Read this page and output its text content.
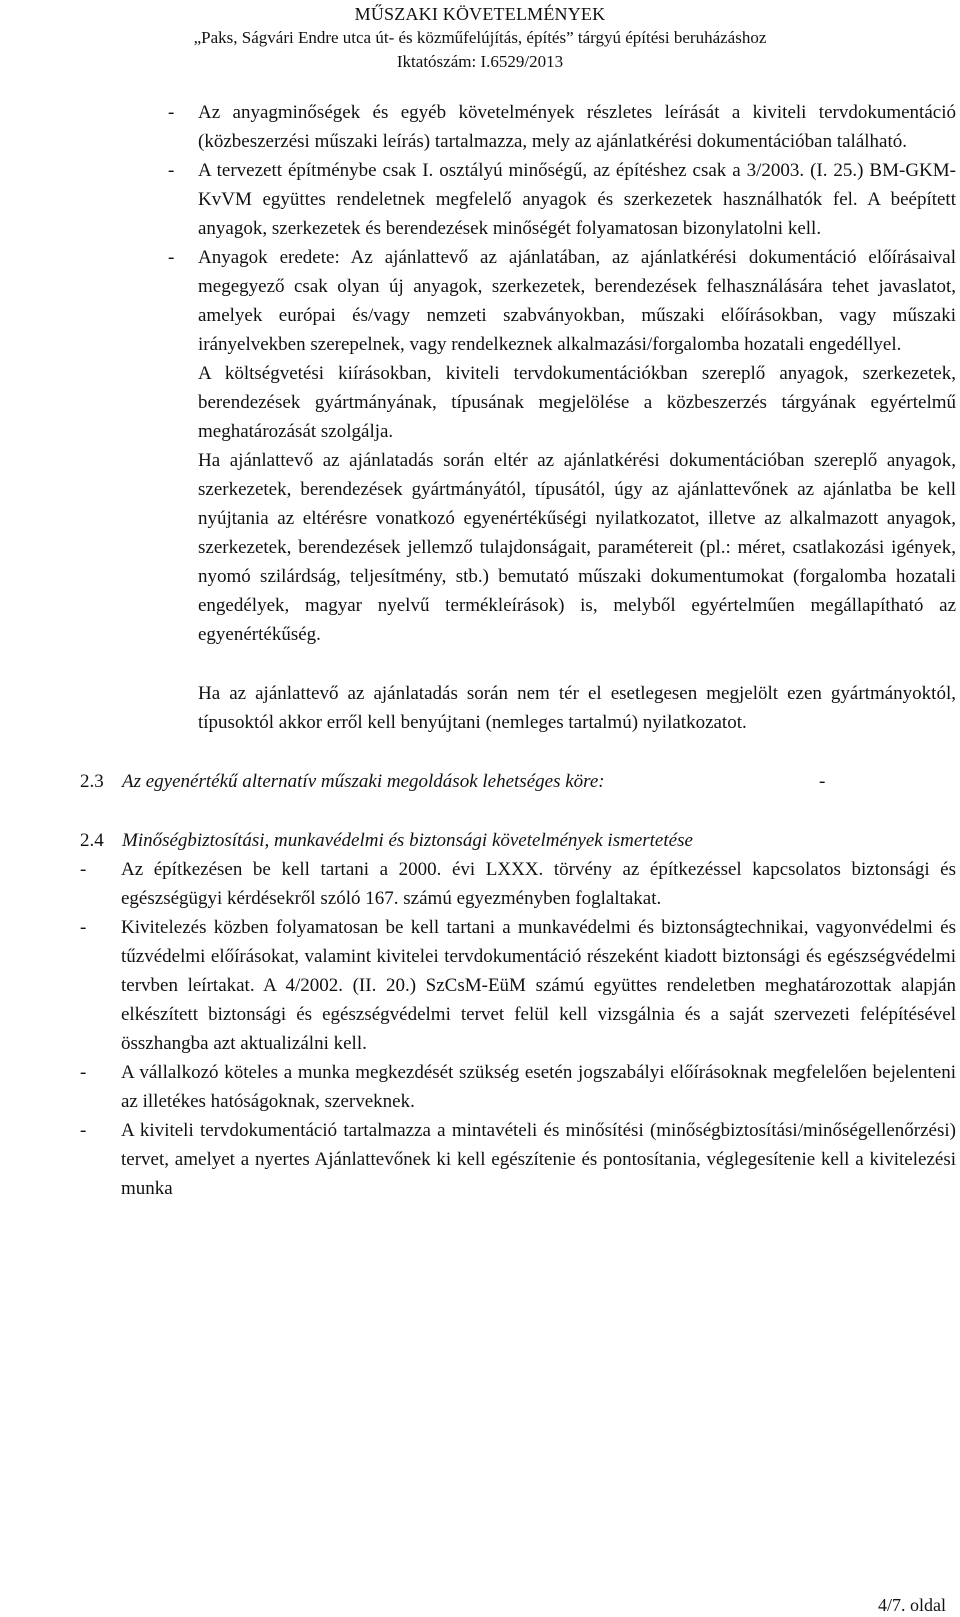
MŰSZAKI KÖVETELMÉNYEK
„Paks, Ságvári Endre utca út- és közműfelújítás, építés” tárgyú építési beruházáshoz
Iktatószám: I.6529/2013
- Az anyagminőségek és egyéb követelmények részletes leírását a kiviteli tervdokumentáció (közbeszerzési műszaki leírás) tartalmazza, mely az ajánlatkérési dokumentációban található.
- A tervezett építménybe csak I. osztályú minőségű, az építéshez csak a 3/2003. (I. 25.) BM-GKM-KvVM együttes rendeletnek megfelelő anyagok és szerkezetek használhatók fel. A beépített anyagok, szerkezetek és berendezések minőségét folyamatosan bizonylatolni kell.
- Anyagok eredete: Az ajánlattevő az ajánlatában, az ajánlatkérési dokumentáció előírásaival megegyező csak olyan új anyagok, szerkezetek, berendezések felhasználására tehet javaslatot, amelyek európai és/vagy nemzeti szabványokban, műszaki előírásokban, vagy műszaki irányelvekben szerepelnek, vagy rendelkeznek alkalmazási/forgalomba hozatali engedéllyel.
A költségvetési kiírásokban, kiviteli tervdokumentációkban szereplő anyagok, szerkezetek, berendezések gyártmányának, típusának megjelölése a közbeszerzés tárgyának egyértelmű meghatározását szolgálja.
Ha ajánlattevő az ajánlatadás során eltér az ajánlatkérési dokumentációban szereplő anyagok, szerkezetek, berendezések gyártmányától, típusától, úgy az ajánlattevőnek az ajánlatba be kell nyújtania az eltérésre vonatkozó egyenértékűségi nyilatkozatot, illetve az alkalmazott anyagok, szerkezetek, berendezések jellemző tulajdonságait, paramétereit (pl.: méret, csatlakozási igények, nyomó szilárdság, teljesítmény, stb.) bemutató műszaki dokumentumokat (forgalomba hozatali engedélyek, magyar nyelvű termékleírások) is, melyből egyértelműen megállapítható az egyenértékűség.
Ha az ajánlattevő az ajánlatadás során nem tér el esetlegesen megjelölt ezen gyártmányoktól, típusoktól akkor erről kell benyújtani (nemleges tartalmú) nyilatkozatot.
2.3 Az egyenértékű alternatív műszaki megoldások lehetséges köre:	-
2.4 Minőségbiztosítási, munkavédelmi és biztonsági követelmények ismertetése
- Az építkezésen be kell tartani a 2000. évi LXXX. törvény az építkezéssel kapcsolatos biztonsági és egészségügyi kérdésekről szóló 167. számú egyezményben foglaltakat.
- Kivitelezés közben folyamatosan be kell tartani a munkavédelmi és biztonságtechnikai, vagyonvédelmi és tűzvédelmi előírásokat, valamint kivitelei tervdokumentáció részeként kiadott biztonsági és egészségvédelmi tervben leírtakat. A 4/2002. (II. 20.) SzCsM-EüM számú együttes rendeletben meghatározottak alapján elkészített biztonsági és egészségvédelmi tervet felül kell vizsgálnia és a saját szervezeti felépítésével összhangba azt aktualizálni kell.
- A vállalkozó köteles a munka megkezdését szükség esetén jogszabályi előírásoknak megfelelően bejelenteni az illetékes hatóságoknak, szerveknek.
- A kiviteli tervdokumentáció tartalmazza a mintavételi és minősítési (minőségbiztosítási/minőségellenőrzési) tervet, amelyet a nyertes Ajánlattevőnek ki kell egészítenie és pontosítania, véglegesítenie kell a kivitelezési munka
4/7. oldal
